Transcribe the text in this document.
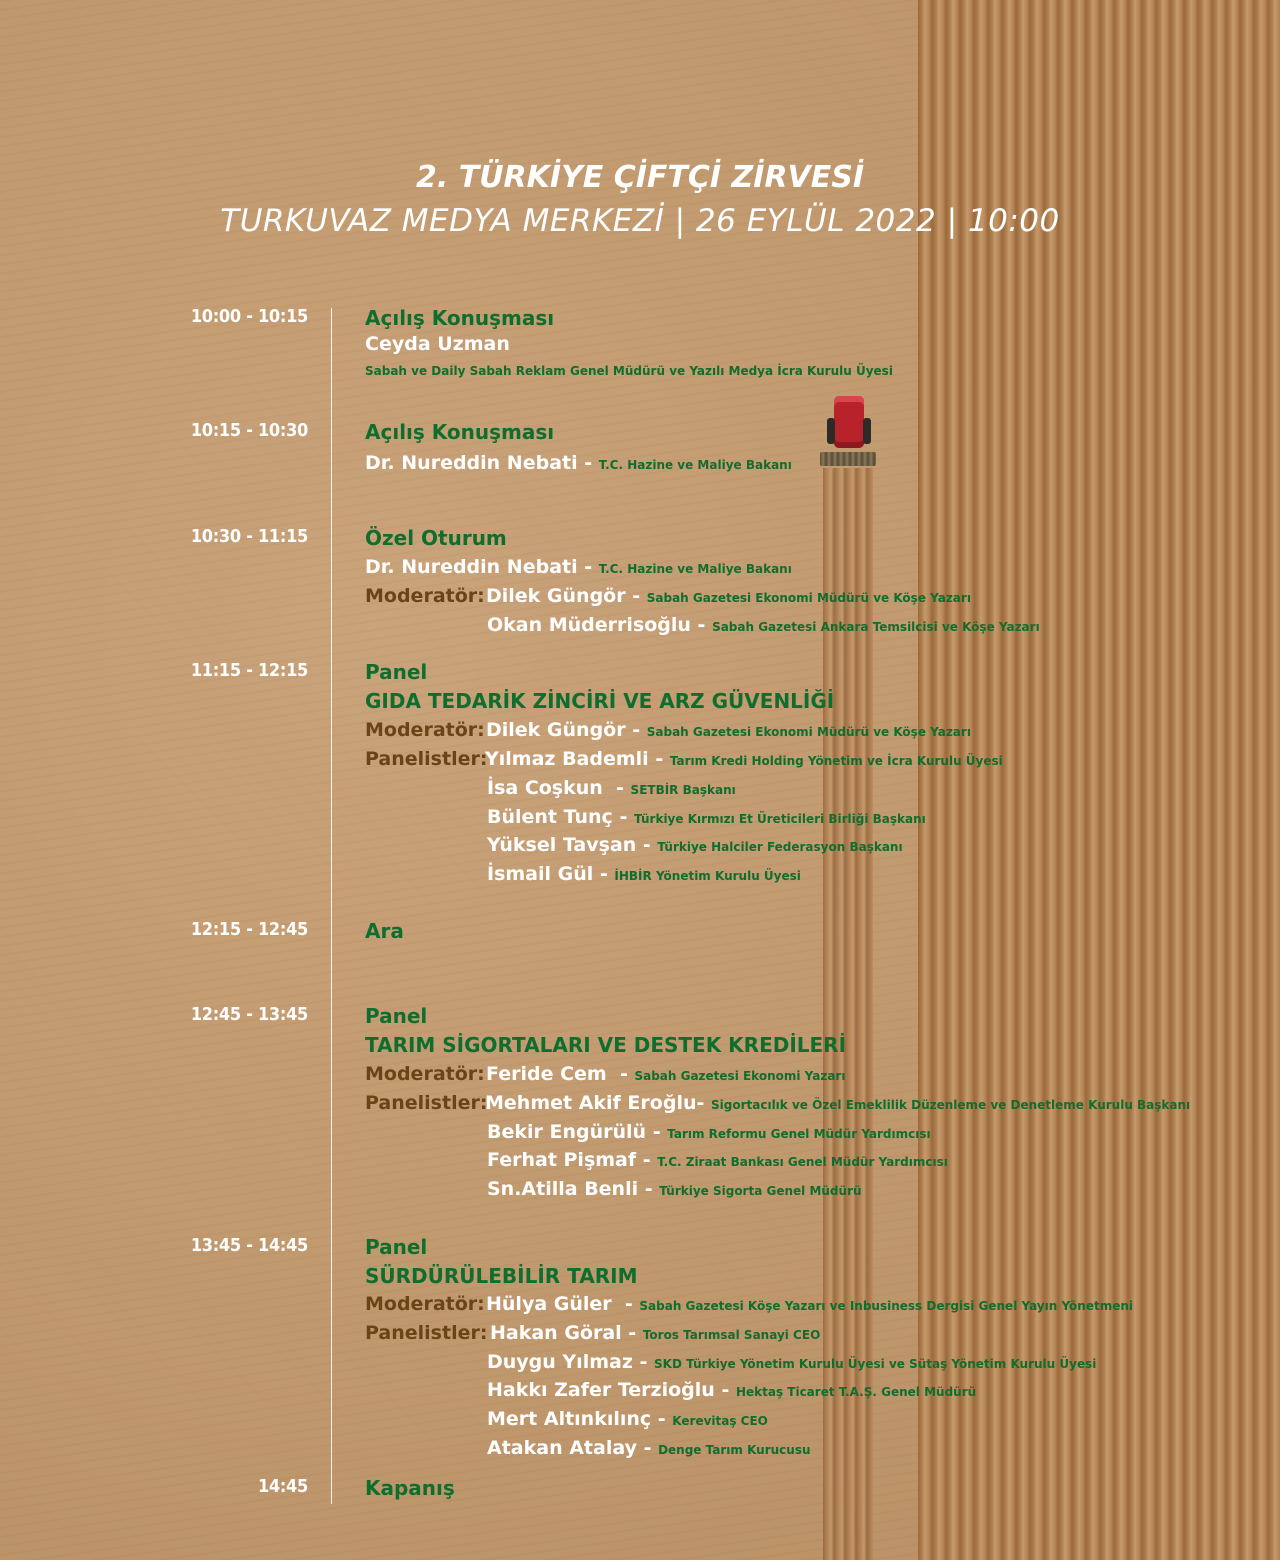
2. TÜRKİYE ÇİFTÇİ ZİRVESİ
TURKUVAZ MEDYA MERKEZİ | 26 EYLÜL 2022 | 10:00
10:00 - 10:15	Açılış Konuşması
Ceyda Uzman
Sabah ve Daily Sabah Reklam Genel Müdürü ve Yazılı Medya İcra Kurulu Üyesi
10:15 - 10:30	Açılış Konuşması
Dr. Nureddin Nebati - T.C. Hazine ve Maliye Bakanı
10:30 - 11:15	Özel Oturum
Dr. Nureddin Nebati - T.C. Hazine ve Maliye Bakanı
Moderatör:Dilek Güngör - Sabah Gazetesi Ekonomi Müdürü ve Köşe Yazarı
Okan Müderrisoğlu - Sabah Gazetesi Ankara Temsilcisi ve Köşe Yazarı
11:15 - 12:15	Panel
GIDA TEDARİK ZİNCİRİ VE ARZ GÜVENLİĞİ
Moderatör:Dilek Güngör - Sabah Gazetesi Ekonomi Müdürü ve Köşe Yazarı
Panelistler:Yılmaz Bademli - Tarım Kredi Holding Yönetim ve İcra Kurulu Üyesi
İsa Coşkun  - SETBİR Başkanı
Bülent Tunç - Türkiye Kırmızı Et Üreticileri Birliği Başkanı
Yüksel Tavşan - Türkiye Halciler Federasyon Başkanı
İsmail Gül - İHBİR Yönetim Kurulu Üyesi
12:15 - 12:45	Ara
12:45 - 13:45	Panel
TARIM SİGORTALARI VE DESTEK KREDİLERİ
Moderatör:Feride Cem  - Sabah Gazetesi Ekonomi Yazarı
Panelistler:Mehmet Akif Eroğlu- Sigortacılık ve Özel Emeklilik Düzenleme ve Denetleme Kurulu Başkanı
Bekir Engürülü - Tarım Reformu Genel Müdür Yardımcısı
Ferhat Pişmaf - T.C. Ziraat Bankası Genel Müdür Yardımcısı
Sn.Atilla Benli - Türkiye Sigorta Genel Müdürü
13:45 - 14:45	Panel
SÜRDÜRÜLEBİLİR TARIM
Moderatör:Hülya Güler  - Sabah Gazetesi Köşe Yazarı ve Inbusiness Dergisi Genel Yayın Yönetmeni
Panelistler: Hakan Göral - Toros Tarımsal Sanayi CEO
Duygu Yılmaz - SKD Türkiye Yönetim Kurulu Üyesi ve Sütaş Yönetim Kurulu Üyesi
Hakkı Zafer Terzioğlu - Hektaş Ticaret T.A.Ş. Genel Müdürü
Mert Altınkılınç - Kerevitaş CEO
Atakan Atalay - Denge Tarım Kurucusu
14:45	Kapanış
